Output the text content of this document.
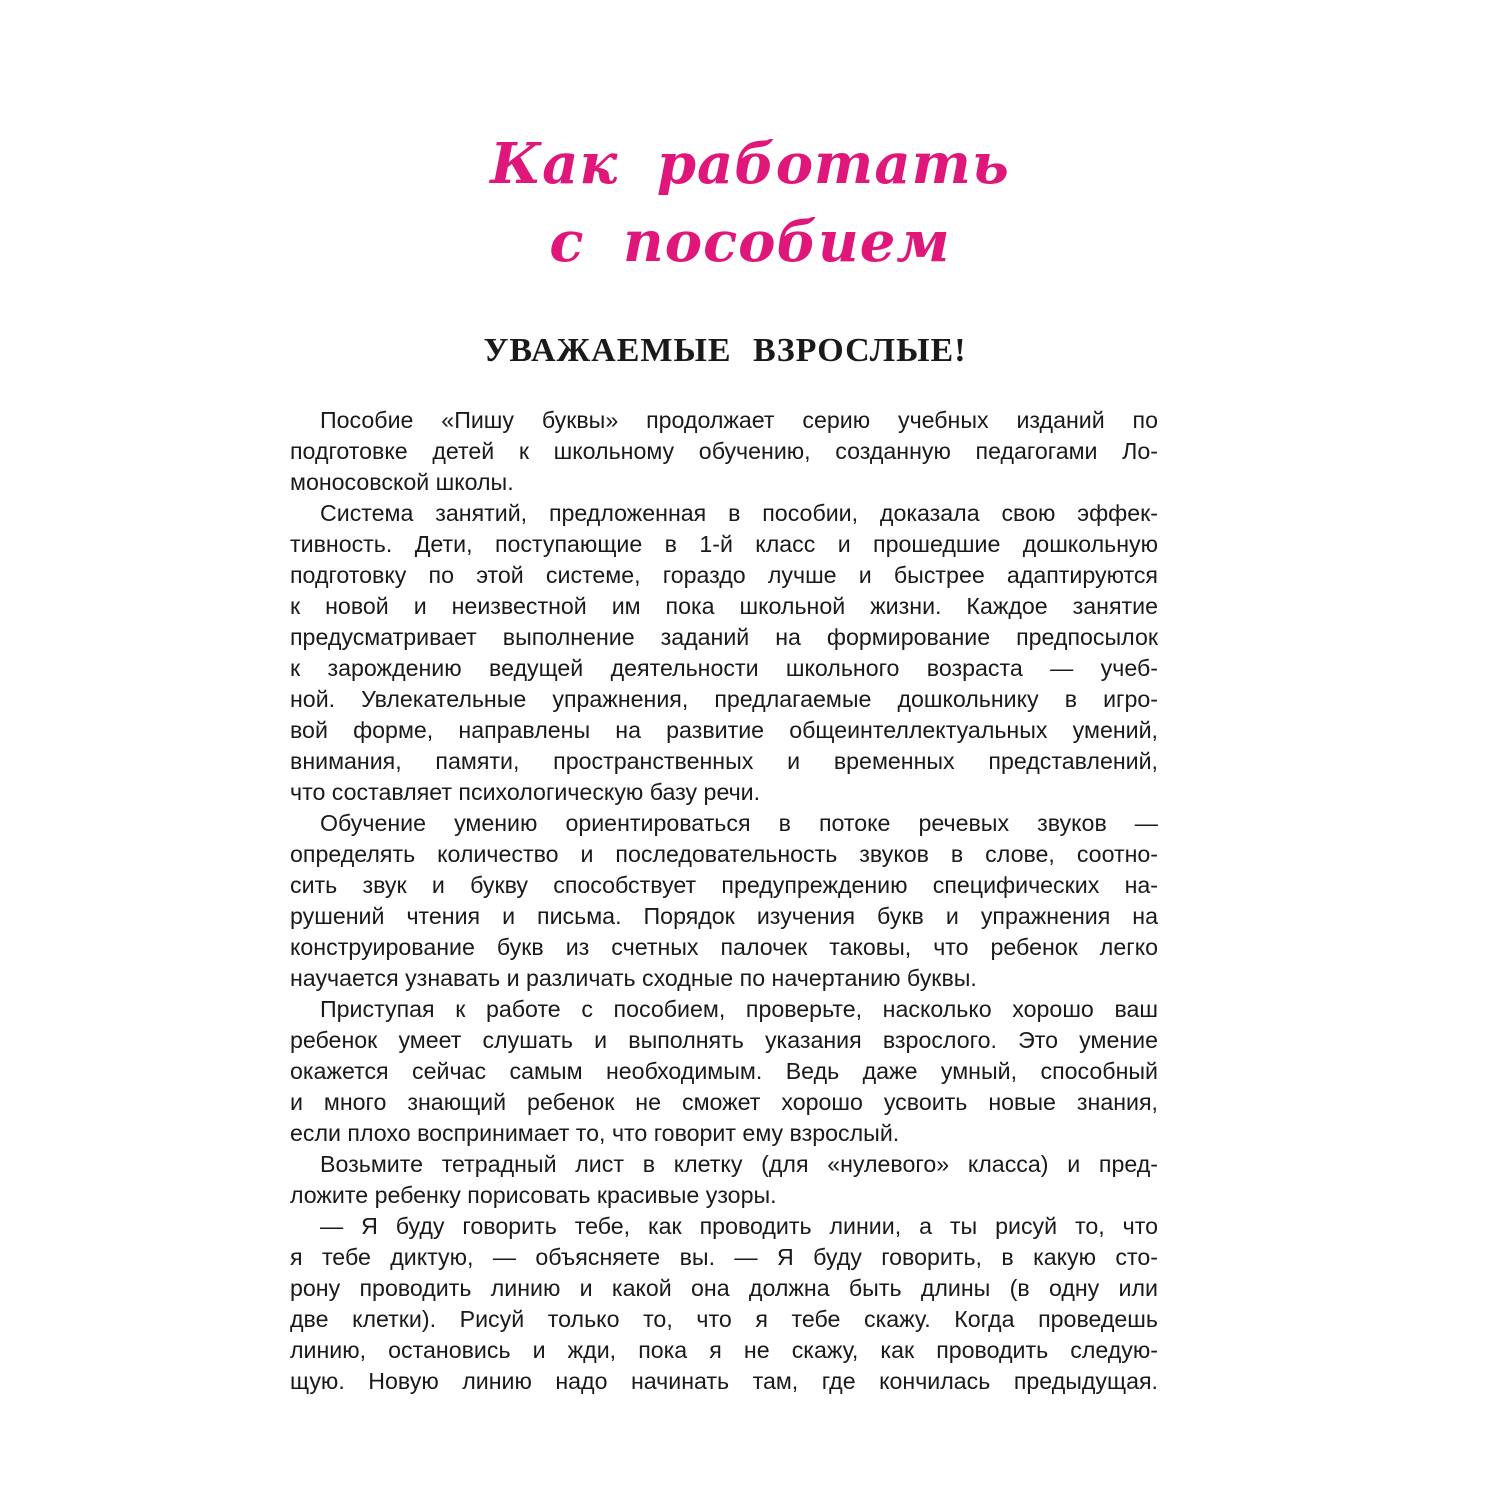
Как работать
с пособием
УВАЖАЕМЫЕ ВЗРОСЛЫЕ!
Пособие «Пишу буквы» продолжает серию учебных изданий по
подготовке детей к школьному обучению, созданную педагогами Ло-
моносовской школы.
Система занятий, предложенная в пособии, доказала свою эффек-
тивность. Дети, поступающие в 1-й класс и прошедшие дошкольную
подготовку по этой системе, гораздо лучше и быстрее адаптируются
к новой и неизвестной им пока школьной жизни. Каждое занятие
предусматривает выполнение заданий на формирование предпосылок
к зарождению ведущей деятельности школьного возраста — учеб-
ной. Увлекательные упражнения, предлагаемые дошкольнику в игро-
вой форме, направлены на развитие общеинтеллектуальных умений,
внимания, памяти, пространственных и временных представлений,
что составляет психологическую базу речи.
Обучение умению ориентироваться в потоке речевых звуков —
определять количество и последовательность звуков в слове, соотно-
сить звук и букву способствует предупреждению специфических на-
рушений чтения и письма. Порядок изучения букв и упражнения на
конструирование букв из счетных палочек таковы, что ребенок легко
научается узнавать и различать сходные по начертанию буквы.
Приступая к работе с пособием, проверьте, насколько хорошо ваш
ребенок умеет слушать и выполнять указания взрослого. Это умение
окажется сейчас самым необходимым. Ведь даже умный, способный
и много знающий ребенок не сможет хорошо усвоить новые знания,
если плохо воспринимает то, что говорит ему взрослый.
Возьмите тетрадный лист в клетку (для «нулевого» класса) и пред-
ложите ребенку порисовать красивые узоры.
— Я буду говорить тебе, как проводить линии, а ты рисуй то, что
я тебе диктую, — объясняете вы. — Я буду говорить, в какую сто-
рону проводить линию и какой она должна быть длины (в одну или
две клетки). Рисуй только то, что я тебе скажу. Когда проведешь
линию, остановись и жди, пока я не скажу, как проводить следую-
щую. Новую линию надо начинать там, где кончилась предыдущая.
